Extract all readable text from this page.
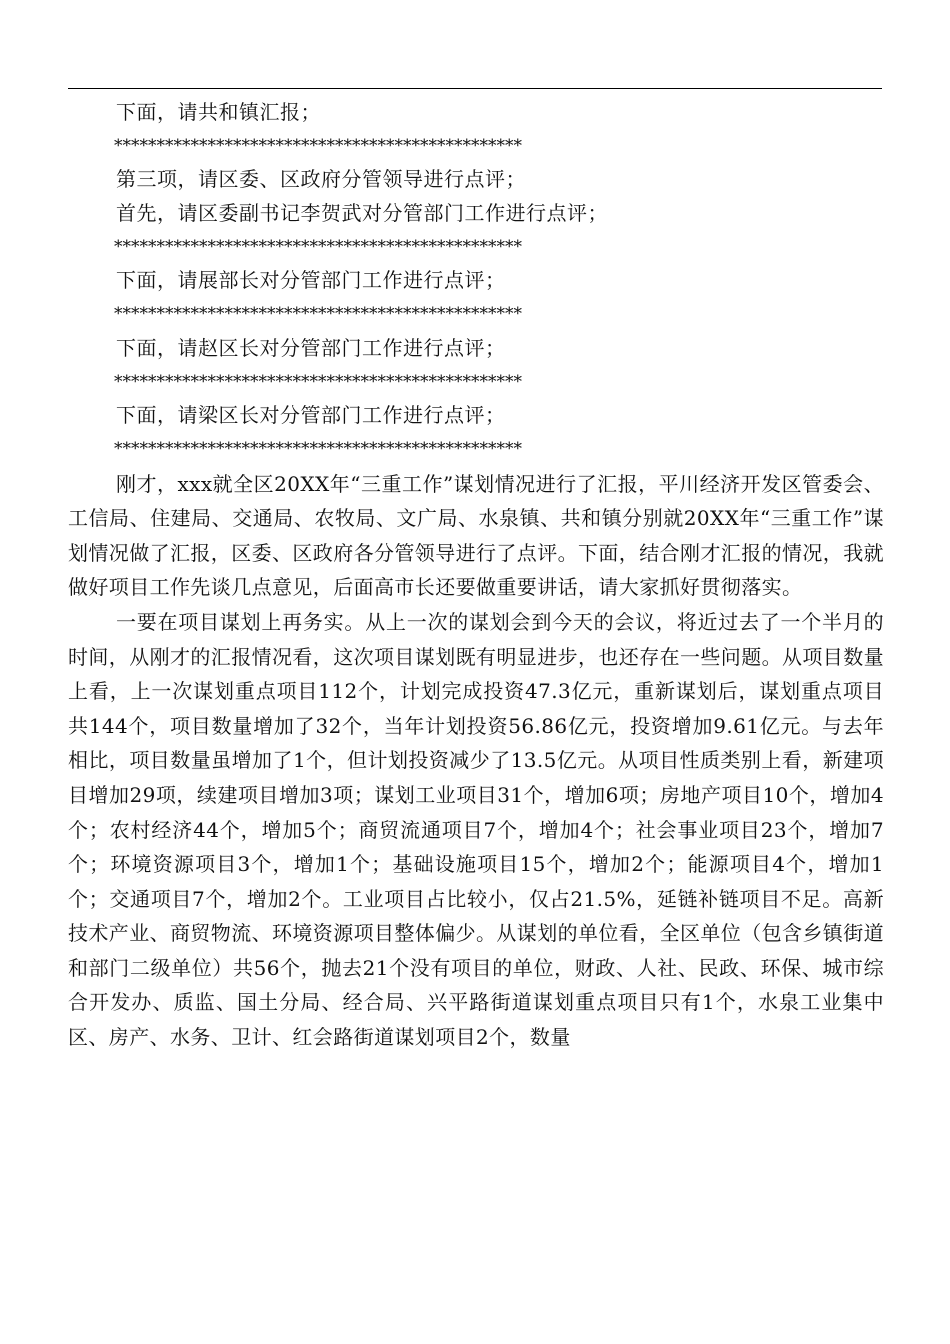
下面，请共和镇汇报；
************************************************
第三项，请区委、区政府分管领导进行点评；
首先，请区委副书记李贺武对分管部门工作进行点评；
************************************************
下面，请展部长对分管部门工作进行点评；
************************************************
下面，请赵区长对分管部门工作进行点评；
************************************************
下面，请梁区长对分管部门工作进行点评；
************************************************

刚才，xxx就全区20XX年“三重工作”谋划情况进行了汇报，平川经济开发区管委会、工信局、住建局、交通局、农牧局、文广局、水泉镇、共和镇分别就20XX年“三重工作”谋划情况做了汇报，区委、区政府各分管领导进行了点评。下面，结合刚才汇报的情况，我就做好项目工作先谈几点意见，后面高市长还要做重要讲话，请大家抓好贯彻落实。

一要在项目谋划上再务实。从上一次的谋划会到今天的会议，将近过去了一个半月的时间，从刚才的汇报情况看，这次项目谋划既有明显进步，也还存在一些问题。从项目数量上看，上一次谋划重点项目112个，计划完成投资47.3亿元，重新谋划后，谋划重点项目共144个，项目数量增加了32个，当年计划投资56.86亿元，投资增加9.61亿元。与去年相比，项目数量虽增加了1个，但计划投资减少了13.5亿元。从项目性质类别上看，新建项目增加29项，续建项目增加3项；谋划工业项目31个，增加6项；房地产项目10个，增加4个；农村经济44个，增加5个；商贸流通项目7个，增加4个；社会事业项目23个，增加7个；环境资源项目3个，增加1个；基础设施项目15个，增加2个；能源项目4个，增加1个；交通项目7个，增加2个。工业项目占比较小，仅占21.5%，延链补链项目不足。高新技术产业、商贸物流、环境资源项目整体偏少。从谋划的单位看，全区单位（包含乡镇街道和部门二级单位）共56个，抛去21个没有项目的单位，财政、人社、民政、环保、城市综合开发办、质监、国土分局、经合局、兴平路街道谋划重点项目只有1个，水泉工业集中区、房产、水务、卫计、红会路街道谋划项目2个，数量
